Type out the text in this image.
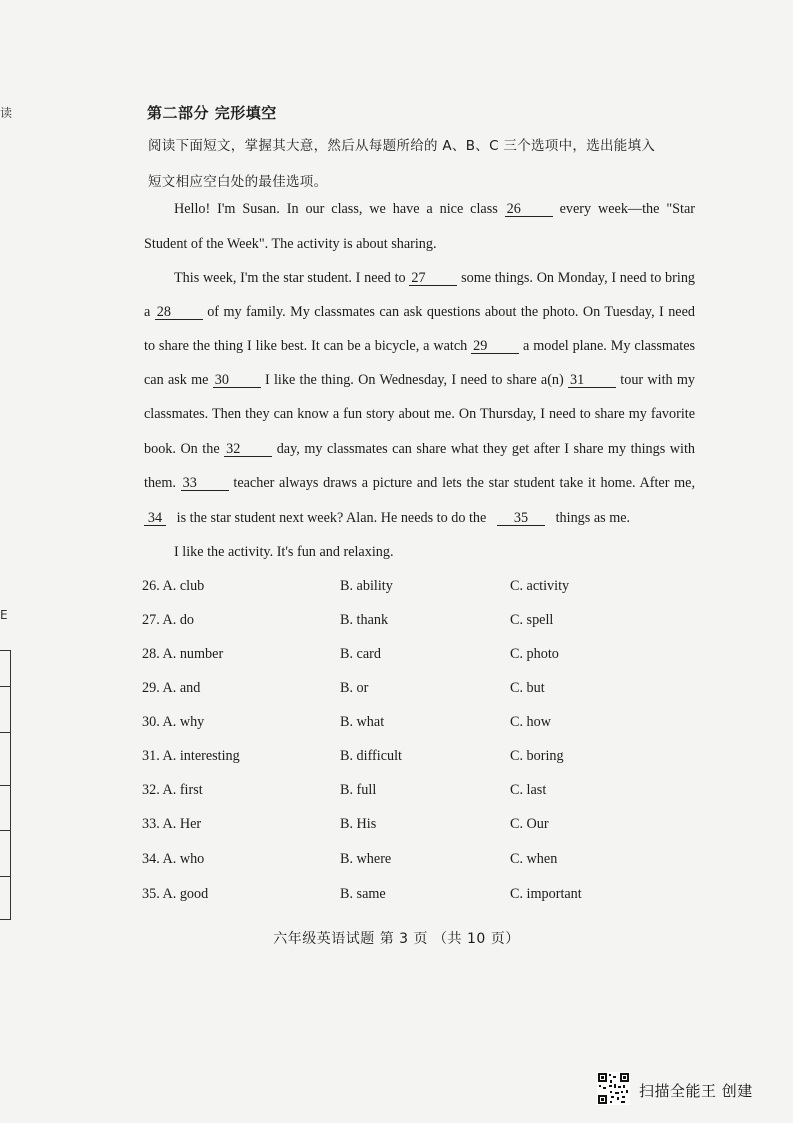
读
E
第二部分 完形填空
阅读下面短文，掌握其大意，然后从每题所给的 A、B、C 三个选项中，选出能填入
短文相应空白处的最佳选项。
Hello! I'm Susan. In our class, we have a nice class 26	every week—the "Star
Student of the Week". The activity is about sharing.
This week, I'm the star student. I need to 27	some things. On Monday, I need to bring
a 28	of my family. My classmates can ask questions about the photo. On Tuesday, I need
to share the thing I like best. It can be a bicycle, a watch 29	a model plane. My classmates
can ask me 30	I like the thing. On Wednesday, I need to share a(n) 31	tour with my
classmates. Then they can know a fun story about me. On Thursday, I need to share my favorite
book. On the 32	day, my classmates can share what they get after I share my things with
them. 33	teacher always draws a picture and lets the star student take it home. After me,
34 is the star student next week? Alan. He needs to do the 35 things as me.
I like the activity. It's fun and relaxing.
26. A. club	B. ability	C. activity
27. A. do	B. thank	C. spell
28. A. number	B. card	C. photo
29. A. and	B. or	C. but
30. A. why	B. what	C. how
31. A. interesting	B. difficult	C. boring
32. A. first	B. full	C. last
33. A. Her	B. His	C. Our
34. A. who	B. where	C. when
35. A. good	B. same	C. important
六年级英语试题 第 3 页 （共 10 页）
扫描全能王 创建
